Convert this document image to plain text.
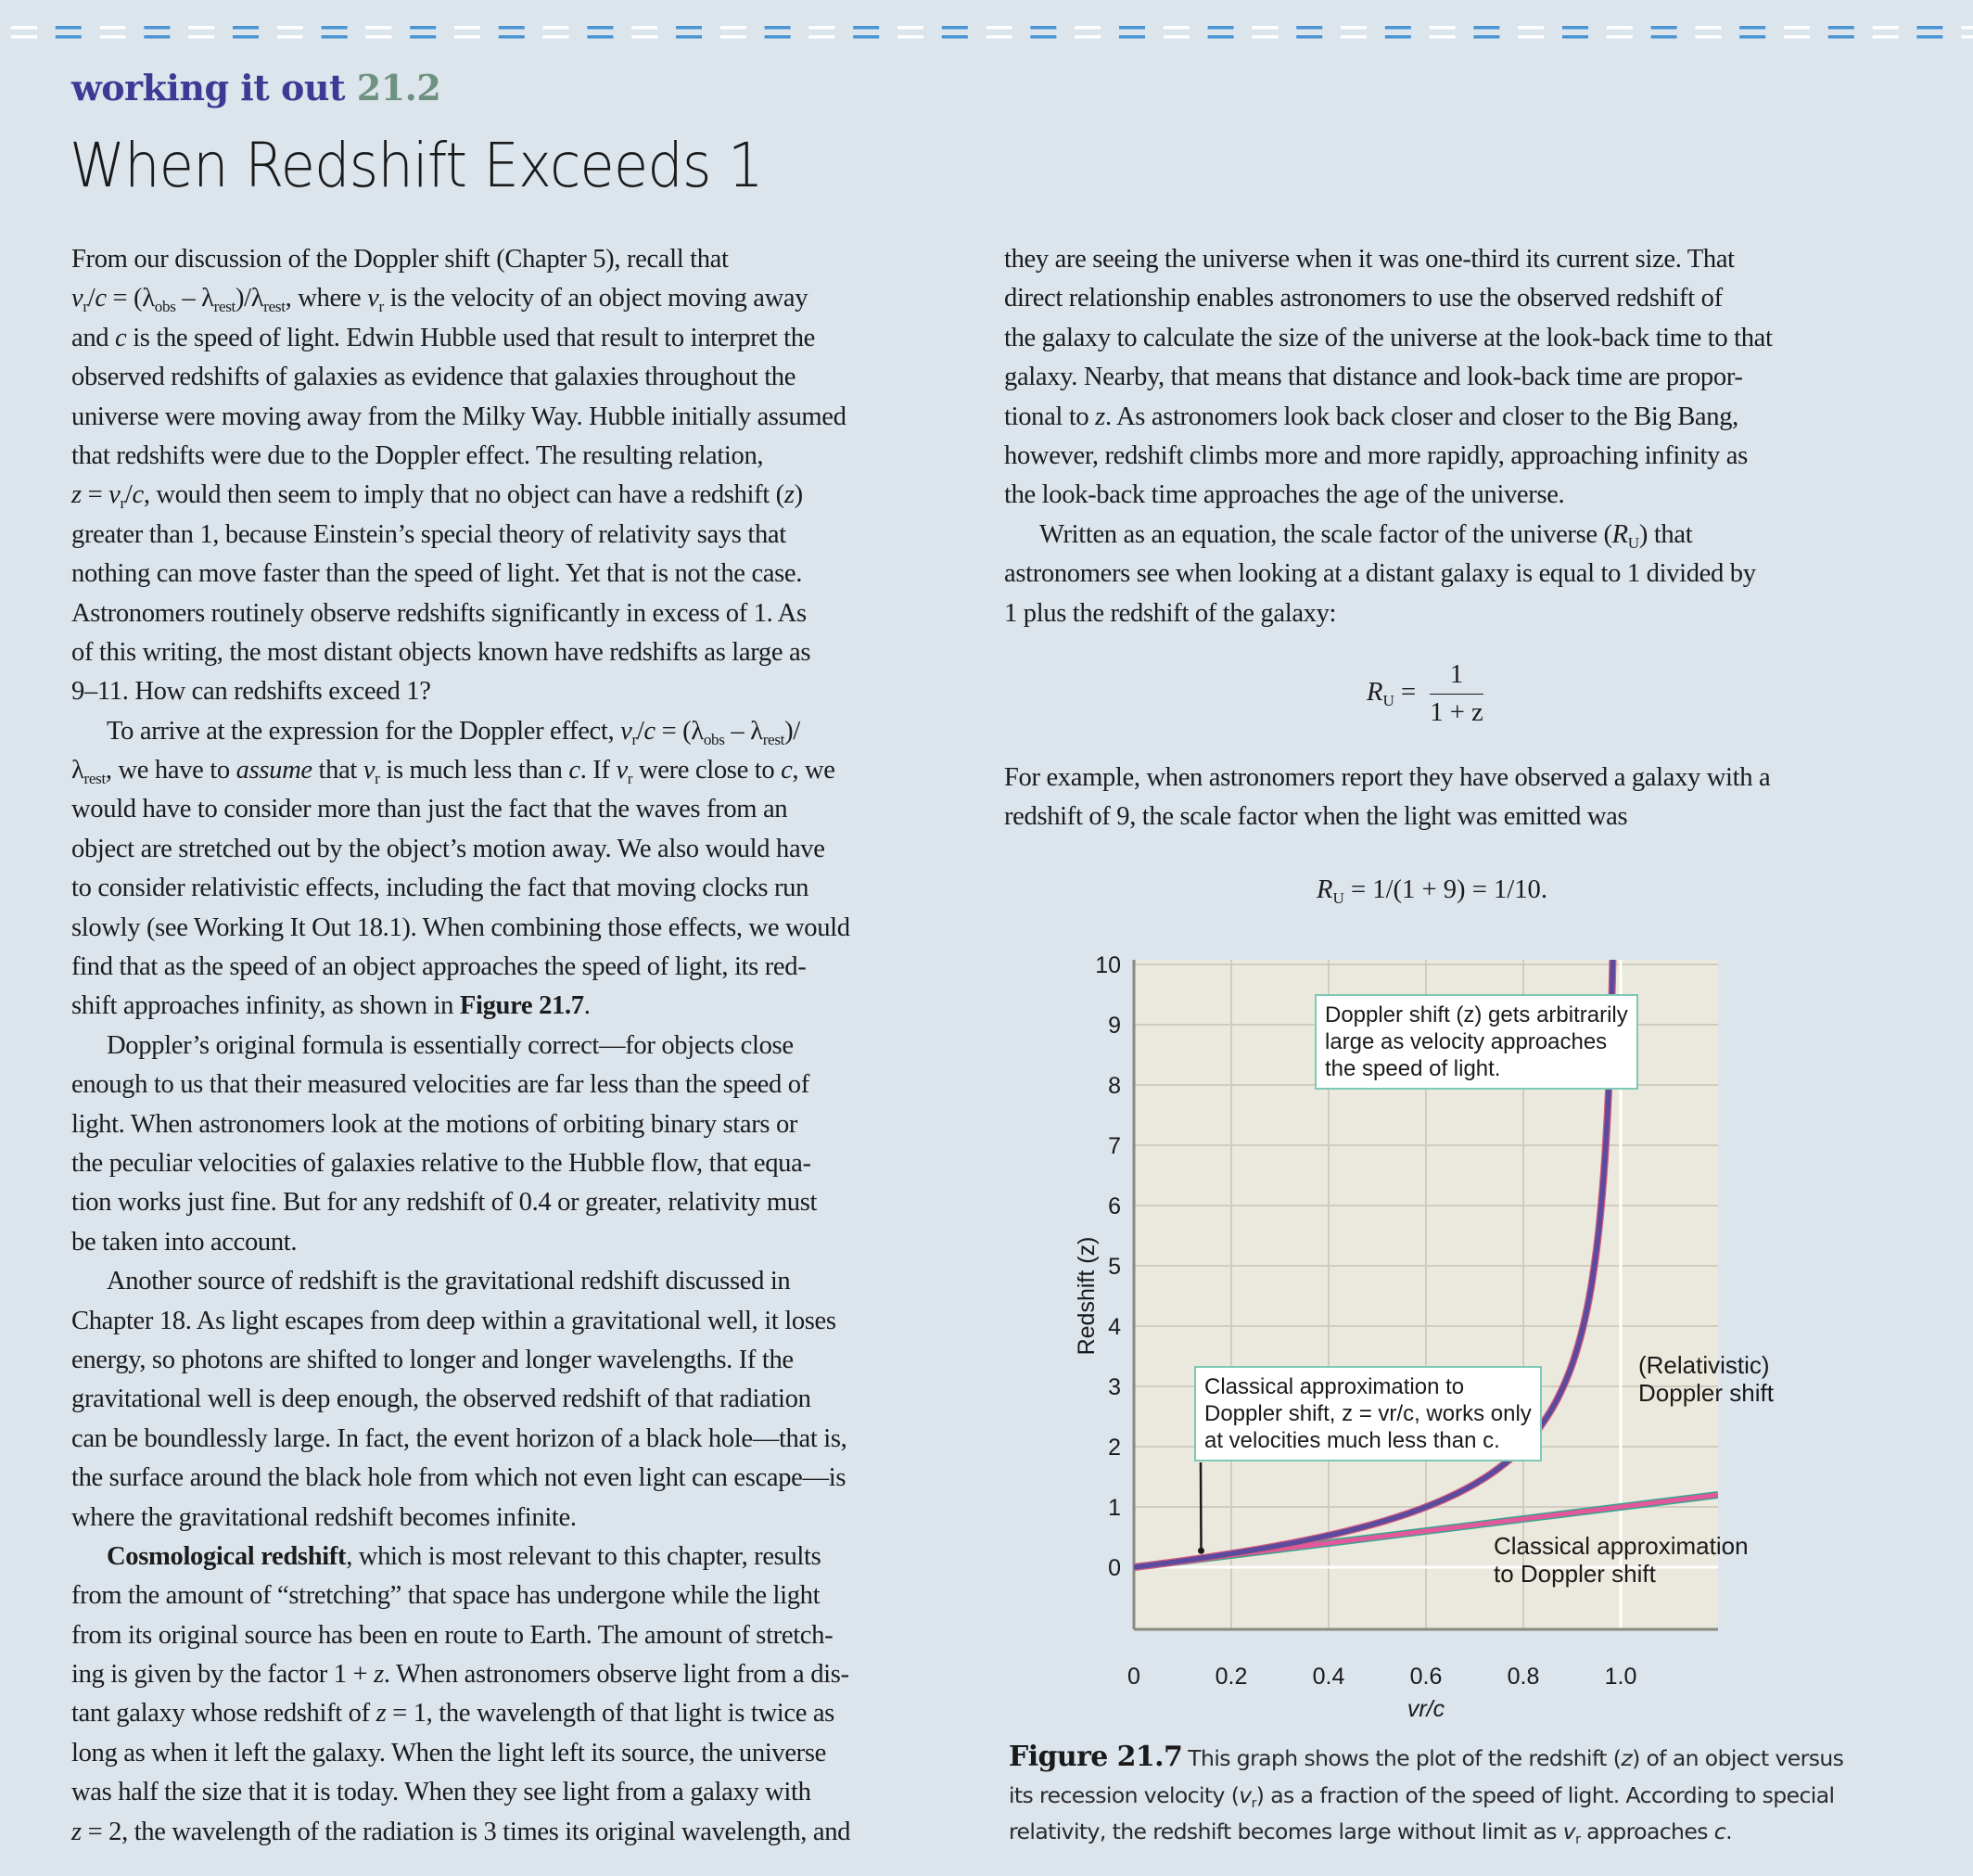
working it out 21.2
When Redshift Exceeds 1
From our discussion of the Doppler shift (Chapter 5), recall that
$v_r/c = (\lambda_{obs} - \lambda_{rest})/\lambda_{rest}$, where $v_r$ is the velocity of an object moving away
and c is the speed of light. Edwin Hubble used that result to interpret the
observed redshifts of galaxies as evidence that galaxies throughout the
universe were moving away from the Milky Way. Hubble initially assumed
that redshifts were due to the Doppler effect. The resulting relation,
$z = v_r/c$, would then seem to imply that no object can have a redshift (z)
greater than 1, because Einstein’s special theory of relativity says that
nothing can move faster than the speed of light. Yet that is not the case.
Astronomers routinely observe redshifts significantly in excess of 1. As
of this writing, the most distant objects known have redshifts as large as
9–11. How can redshifts exceed 1?
To arrive at the expression for the Doppler effect, $v_r/c = (\lambda_{obs} - \lambda_{rest})/$
$\lambda_{rest}$, we have to assume that $v_r$ is much less than c. If $v_r$ were close to c, we
would have to consider more than just the fact that the waves from an
object are stretched out by the object’s motion away. We also would have
to consider relativistic effects, including the fact that moving clocks run
slowly (see Working It Out 18.1). When combining those effects, we would
find that as the speed of an object approaches the speed of light, its red-
shift approaches infinity, as shown in Figure 21.7.
Doppler’s original formula is essentially correct—for objects close
enough to us that their measured velocities are far less than the speed of
light. When astronomers look at the motions of orbiting binary stars or
the peculiar velocities of galaxies relative to the Hubble flow, that equa-
tion works just fine. But for any redshift of 0.4 or greater, relativity must
be taken into account.
Another source of redshift is the gravitational redshift discussed in
Chapter 18. As light escapes from deep within a gravitational well, it loses
energy, so photons are shifted to longer and longer wavelengths. If the
gravitational well is deep enough, the observed redshift of that radiation
can be boundlessly large. In fact, the event horizon of a black hole—that is,
the surface around the black hole from which not even light can escape—is
where the gravitational redshift becomes infinite.
Cosmological redshift, which is most relevant to this chapter, results
from the amount of “stretching” that space has undergone while the light
from its original source has been en route to Earth. The amount of stretch-
ing is given by the factor 1 + z. When astronomers observe light from a dis-
tant galaxy whose redshift of z = 1, the wavelength of that light is twice as
long as when it left the galaxy. When the light left its source, the universe
was half the size that it is today. When they see light from a galaxy with
z = 2, the wavelength of the radiation is 3 times its original wavelength, and
they are seeing the universe when it was one-third its current size. That
direct relationship enables astronomers to use the observed redshift of
the galaxy to calculate the size of the universe at the look-back time to that
galaxy. Nearby, that means that distance and look-back time are propor-
tional to z. As astronomers look back closer and closer to the Big Bang,
however, redshift climbs more and more rapidly, approaching infinity as
the look-back time approaches the age of the universe.
Written as an equation, the scale factor of the universe $(R_U)$ that
astronomers see when looking at a distant galaxy is equal to 1 divided by
1 plus the redshift of the galaxy:
$R_U = \frac{1}{1 + z}$
For example, when astronomers report they have observed a galaxy with a
redshift of 9, the scale factor when the light was emitted was
$R_U = 1/(1 + 9) = 1/10$.
0
1
2
3
4
5
6
7
8
9
10
0	0.2	0.4	0.6	0.8	1.0
Redshift (z)
vr/c
Doppler shift (z) gets arbitrarily
large as velocity approaches
the speed of light.
Classical approximation to
Doppler shift, z = vr/c, works only
at velocities much less than c.
(Relativistic)
Doppler shift
Classical approximation
to Doppler shift
Figure 21.7 This graph shows the plot of the redshift (z) of an object versus
its recession velocity $(v_r)$ as a fraction of the speed of light. According to special
relativity, the redshift becomes large without limit as $v_r$ approaches c.
